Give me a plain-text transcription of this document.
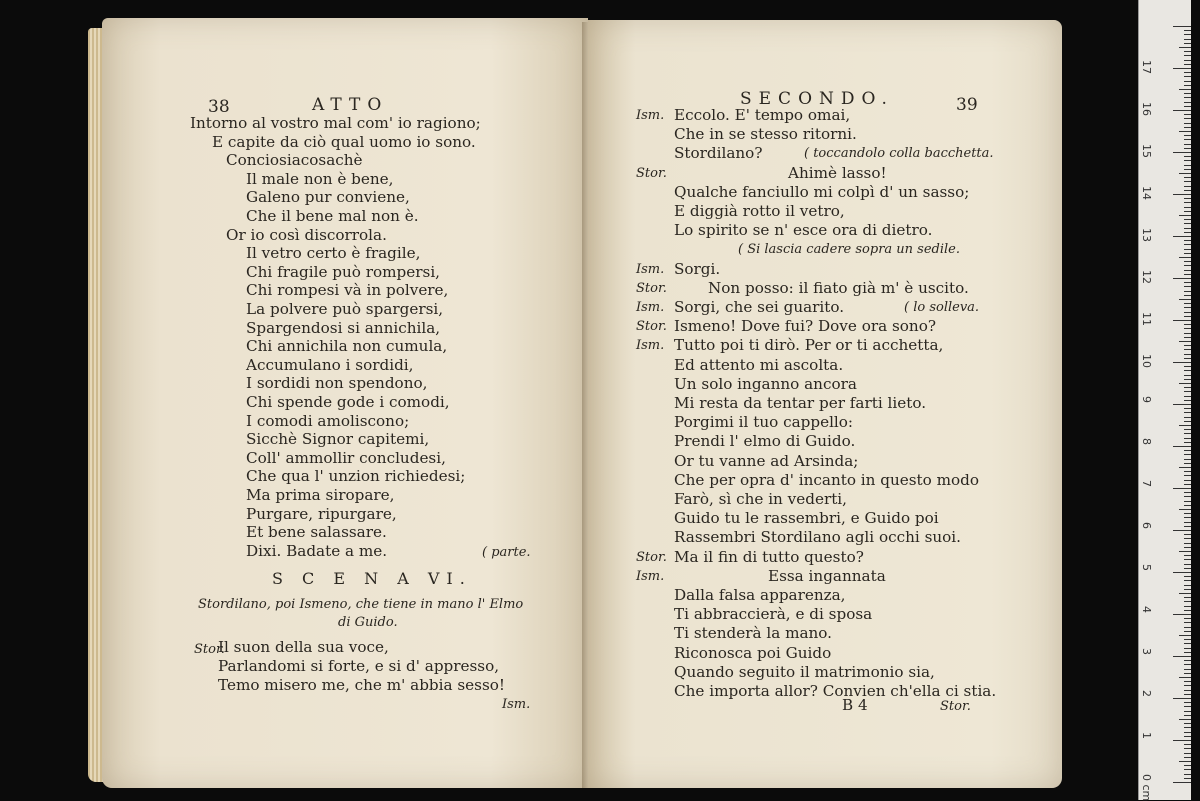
38	ATTO
Intorno al vostro mal com' io ragiono;
E capite da ciò qual uomo io sono.
Conciosiacosachè
Il male non è bene,
Galeno pur conviene,
Che il bene mal non è.
Or io così discorrola.
Il vetro certo è fragile,
Chi fragile può rompersi,
Chi rompesi và in polvere,
La polvere può spargersi,
Spargendosi si annichila,
Chi annichila non cumula,
Accumulano i sordidi,
I sordidi non spendono,
Chi spende gode i comodi,
I comodi amoliscono;
Sicchè Signor capitemi,
Coll' ammollir concludesi,
Che qua l' unzion richiedesi;
Ma prima siropare,
Purgare, ripurgare,
Et bene salassare.
Dixi. Badate a me.	( parte.
S C E N A VI.
Stordilano, poi Ismeno, che tiene in mano l' Elmo
di Guido.
Stor.
Il suon della sua voce,
Parlandomi si forte, e si d' appresso,
Temo misero me, che m' abbia sesso!
Ism.
SECONDO.	39
Ism. Eccolo. E' tempo omai,
Che in se stesso ritorni.
Stordilano?	( toccandolo colla bacchetta.
Stor.	Ahimè lasso!
Qualche fanciullo mi colpì d' un sasso;
E diggià rotto il vetro,
Lo spirito se n' esce ora di dietro.
( Si lascia cadere sopra un sedile.
Ism. Sorgi.
Stor.	Non posso: il fiato già m' è uscito.
Ism. Sorgi, che sei guarito.	( lo solleva.
Stor. Ismeno! Dove fui? Dove ora sono?
Ism. Tutto poi ti dirò. Per or ti acchetta,
Ed attento mi ascolta.
Un solo inganno ancora
Mi resta da tentar per farti lieto.
Porgimi il tuo cappello:
Prendi l' elmo di Guido.
Or tu vanne ad Arsinda;
Che per opra d' incanto in questo modo
Farò, sì che in vederti,
Guido tu le rassembri, e Guido poi
Rassembri Stordilano agli occhi suoi.
Stor. Ma il fin di tutto questo?
Ism.	Essa ingannata
Dalla falsa apparenza,
Ti abbraccierà, e di sposa
Ti stenderà la mano.
Riconosca poi Guido
Quando seguito il matrimonio sia,
Che importa allor? Convien ch'ella ci stia.
B 4	Stor.
0 cm
1
2
3
4
5
6
7
8
9
10
11
12
13
14
15
16
17
